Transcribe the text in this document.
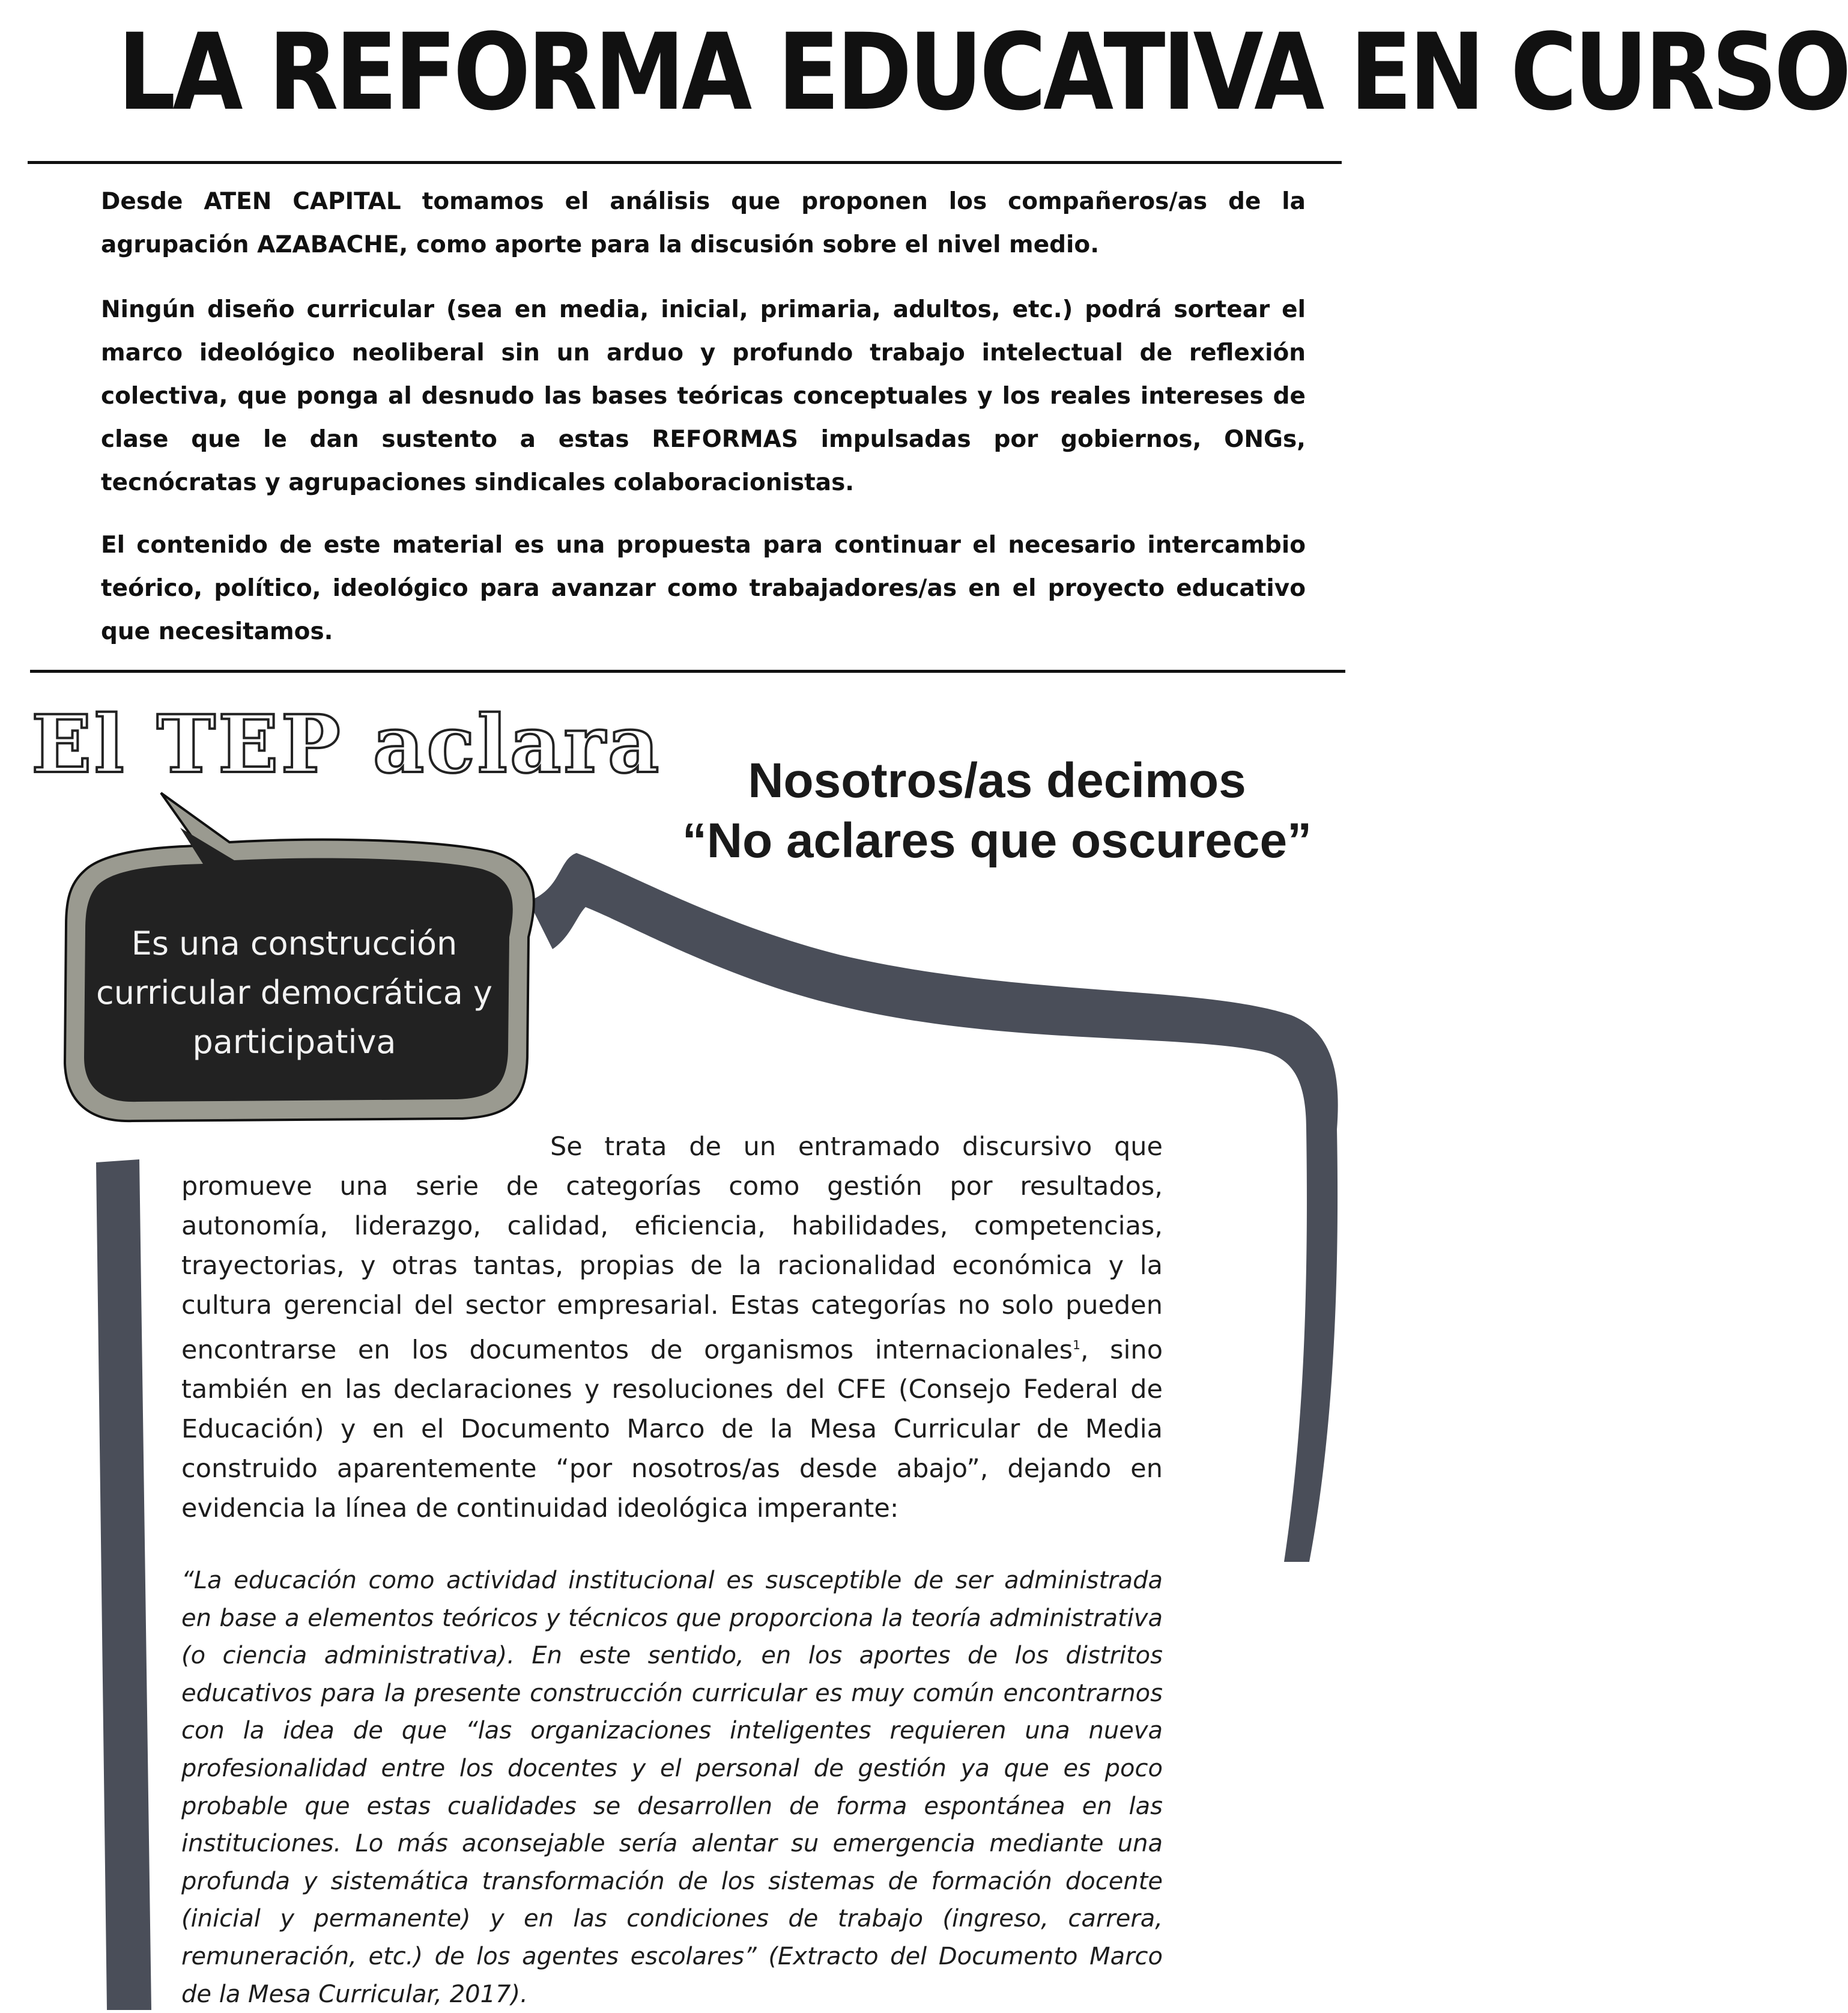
LA REFORMA EDUCATIVA EN CURSO

Desde ATEN CAPITAL tomamos el análisis que proponen los compañeros/as de la agrupación AZABACHE, como aporte para la discusión sobre el nivel medio.

Ningún diseño curricular (sea en media, inicial, primaria, adultos, etc.) podrá sortear el marco ideológico neoliberal sin un arduo y profundo trabajo intelectual de reflexión colectiva, que ponga al desnudo las bases teóricas conceptuales y los reales intereses de clase que le dan sustento a estas REFORMAS impulsadas por gobiernos, ONGs, tecnócratas y agrupaciones sindicales colaboracionistas.

El contenido de este material es una propuesta para continuar el necesario intercambio teórico, político, ideológico para avanzar como trabajadores/as en el proyecto educativo que necesitamos.

El TEP aclara

Es una construcción curricular democrática y participativa

Nosotros/as decimos

“No aclares que oscurece”

Se trata de un entramado discursivo que promueve una serie de categorías como gestión por resultados, autonomía, liderazgo, calidad, eficiencia, habilidades, competencias, trayectorias, y otras tantas, propias de la racionalidad económica y la cultura gerencial del sector empresarial. Estas categorías no solo pueden encontrarse en los documentos de organismos internacionales$^1$, sino también en las declaraciones y resoluciones del CFE (Consejo Federal de Educación) y en el Documento Marco de la Mesa Curricular de Media construido aparentemente “por nosotros/as desde abajo”, dejando en evidencia la línea de continuidad ideológica imperante:

“La educación como actividad institucional es susceptible de ser administrada en base a elementos teóricos y técnicos que proporciona la teoría administrativa (o ciencia administrativa). En este sentido, en los aportes de los distritos educativos para la presente construcción curricular es muy común encontrarnos con la idea de que “las organizaciones inteligentes requieren una nueva profesionalidad entre los docentes y el personal de gestión ya que es poco probable que estas cualidades se desarrollen de forma espontánea en las instituciones. Lo más aconsejable sería alentar su emergencia mediante una profunda y sistemática transformación de los sistemas de formación docente (inicial y permanente) y en las condiciones de trabajo (ingreso, carrera, remuneración, etc.) de los agentes escolares” (Extracto del Documento Marco de la Mesa Curricular, 2017).
